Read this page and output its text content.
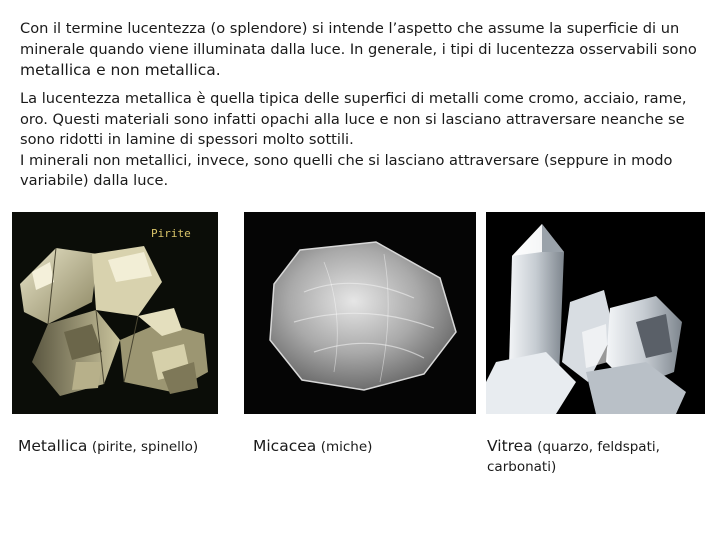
Con il termine lucentezza (o splendore) si intende l’aspetto che assume la superficie di un minerale quando viene illuminata dalla luce. In generale, i tipi di lucentezza osservabili sono metallica e non metallica.
La lucentezza metallica è quella tipica delle superfici di metalli come cromo, acciaio, rame, oro. Questi materiali sono infatti opachi alla luce e non si lasciano attraversare neanche se sono ridotti in lamine di spessori molto sottili.
I minerali non metallici, invece, sono quelli che si lasciano attraversare (seppure in modo variabile) dalla luce.
Pirite
Metallica (pirite, spinello)	Micacea (miche)	Vitrea (quarzo, feldspati, carbonati)
